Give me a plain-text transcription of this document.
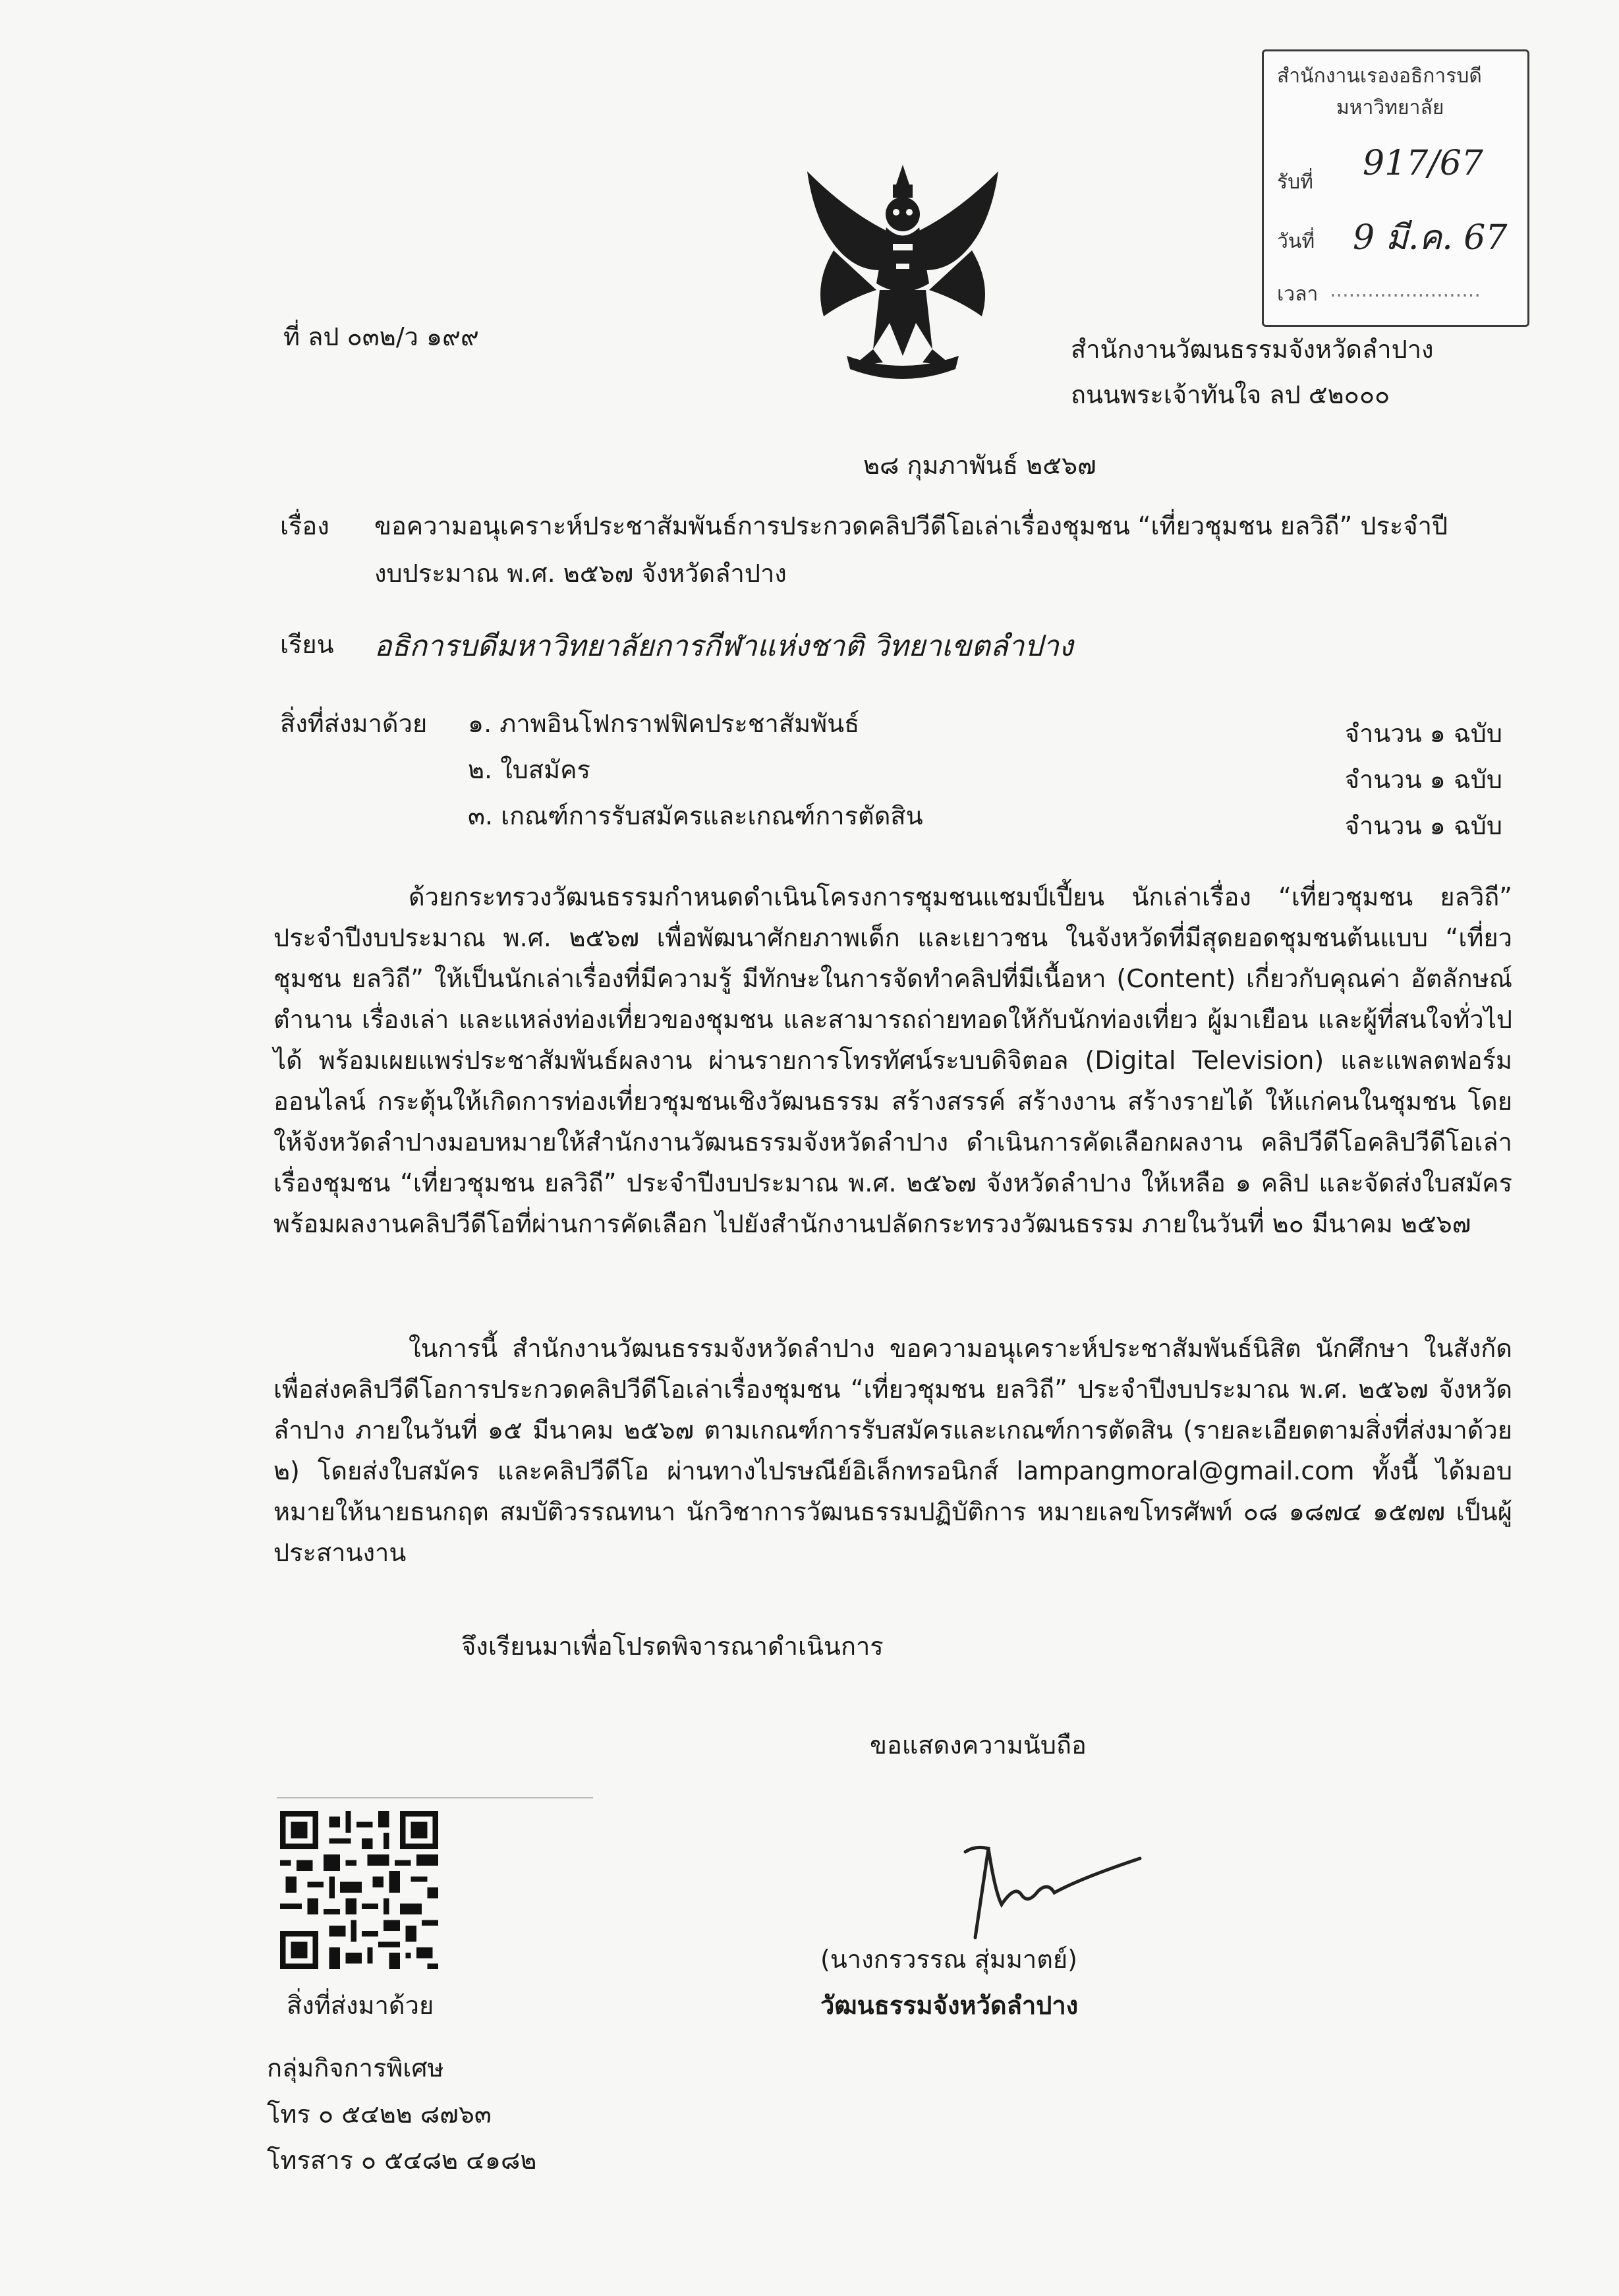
สำนักงานเรองอธิการบดี
มหาวิทยาลัย
รับที่ 917/67
วันที่ 9 มี.ค. 67
เวลา ........................
ที่ ลป ๐๓๒/ว ๑๙๙	สำนักงานวัฒนธรรมจังหวัดลำปาง
ถนนพระเจ้าทันใจ ลป ๕๒๐๐๐
๒๘ กุมภาพันธ์ ๒๕๖๗
เรื่อง ขอความอนุเคราะห์ประชาสัมพันธ์การประกวดคลิปวีดีโอเล่าเรื่องชุมชน “เที่ยวชุมชน ยลวิถี” ประจำปี
งบประมาณ พ.ศ. ๒๕๖๗ จังหวัดลำปาง
เรียน อธิการบดีมหาวิทยาลัยการกีฬาแห่งชาติ วิทยาเขตลำปาง
สิ่งที่ส่งมาด้วย ๑. ภาพอินโฟกราฟฟิคประชาสัมพันธ์	จำนวน ๑ ฉบับ
๒. ใบสมัคร	จำนวน ๑ ฉบับ
๓. เกณฑ์การรับสมัครและเกณฑ์การตัดสิน	จำนวน ๑ ฉบับ
ด้วยกระทรวงวัฒนธรรมกำหนดดำเนินโครงการชุมชนแชมป์เปี้ยน นักเล่าเรื่อง “เที่ยวชุมชน ยลวิถี” ประจำปีงบประมาณ พ.ศ. ๒๕๖๗ เพื่อพัฒนาศักยภาพเด็ก และเยาวชน ในจังหวัดที่มีสุดยอดชุมชนต้นแบบ “เที่ยวชุมชน ยลวิถี” ให้เป็นนักเล่าเรื่องที่มีความรู้ มีทักษะในการจัดทำคลิปที่มีเนื้อหา (Content) เกี่ยวกับคุณค่า อัตลักษณ์ ตำนาน เรื่องเล่า และแหล่งท่องเที่ยวของชุมชน และสามารถถ่ายทอดให้กับนักท่องเที่ยว ผู้มาเยือน และผู้ที่สนใจทั่วไปได้ พร้อมเผยแพร่ประชาสัมพันธ์ผลงาน ผ่านรายการโทรทัศน์ระบบดิจิตอล (Digital Television) และแพลตฟอร์มออนไลน์ กระตุ้นให้เกิดการท่องเที่ยวชุมชนเชิงวัฒนธรรม สร้างสรรค์ สร้างงาน สร้างรายได้ ให้แก่คนในชุมชน โดยให้จังหวัดลำปางมอบหมายให้สำนักงานวัฒนธรรมจังหวัดลำปาง ดำเนินการคัดเลือกผลงาน คลิปวีดีโอคลิปวีดีโอเล่าเรื่องชุมชน “เที่ยวชุมชน ยลวิถี” ประจำปีงบประมาณ พ.ศ. ๒๕๖๗ จังหวัดลำปาง ให้เหลือ ๑ คลิป และจัดส่งใบสมัครพร้อมผลงานคลิปวีดีโอที่ผ่านการคัดเลือก ไปยังสำนักงานปลัดกระทรวงวัฒนธรรม ภายในวันที่ ๒๐ มีนาคม ๒๕๖๗
ในการนี้ สำนักงานวัฒนธรรมจังหวัดลำปาง ขอความอนุเคราะห์ประชาสัมพันธ์นิสิต นักศึกษา ในสังกัด เพื่อส่งคลิปวีดีโอการประกวดคลิปวีดีโอเล่าเรื่องชุมชน “เที่ยวชุมชน ยลวิถี” ประจำปีงบประมาณ พ.ศ. ๒๕๖๗ จังหวัดลำปาง ภายในวันที่ ๑๕ มีนาคม ๒๕๖๗ ตามเกณฑ์การรับสมัครและเกณฑ์การตัดสิน (รายละเอียดตามสิ่งที่ส่งมาด้วย ๒) โดยส่งใบสมัคร และคลิปวีดีโอ ผ่านทางไปรษณีย์อิเล็กทรอนิกส์ lampangmoral@gmail.com ทั้งนี้ ได้มอบหมายให้นายธนกฤต สมบัติวรรณทนา นักวิชาการวัฒนธรรมปฏิบัติการ หมายเลขโทรศัพท์ ๐๘ ๑๘๗๔ ๑๕๗๗ เป็นผู้ประสานงาน
จึงเรียนมาเพื่อโปรดพิจารณาดำเนินการ
ขอแสดงความนับถือ
(นางกรวรรณ สุ่มมาตย์)
วัฒนธรรมจังหวัดลำปาง
สิ่งที่ส่งมาด้วย
กลุ่มกิจการพิเศษ
โทร ๐ ๕๔๒๒ ๘๗๖๓
โทรสาร ๐ ๕๔๘๒ ๔๑๘๒
